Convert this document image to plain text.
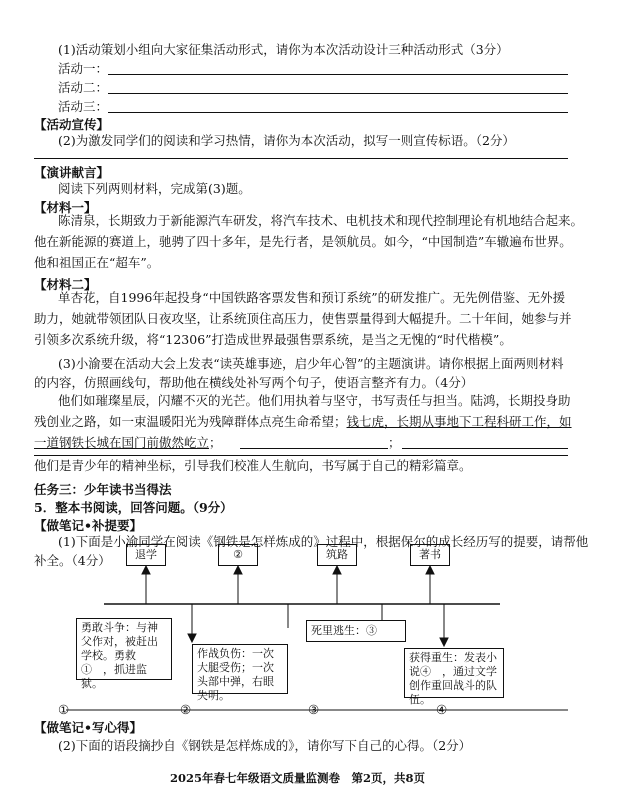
(1)活动策划小组向大家征集活动形式，请你为本次活动设计三种活动形式（3分）
活动一：
活动二：
活动三：
【活动宣传】
(2)为激发同学们的阅读和学习热情，请你为本次活动，拟写一则宣传标语。（2分）
【演讲献言】
阅读下列两则材料，完成第(3)题。
【材料一】
陈清泉，长期致力于新能源汽车研发，将汽车技术、电机技术和现代控制理论有机地结合起来。
他在新能源的赛道上，驰骋了四十多年，是先行者，是领航员。如今，“中国制造”车辙遍布世界。
他和祖国正在“超车”。
【材料二】
单杏花，自1996年起投身“中国铁路客票发售和预订系统”的研发推广。无先例借鉴、无外援
助力，她就带领团队日夜攻坚，让系统顶住高压力，使售票量得到大幅提升。二十年间，她参与并
引领多次系统升级，将“12306”打造成世界最强售票系统，是当之无愧的“时代楷模”。
(3)小渝要在活动大会上发表“读英雄事迹，启少年心智”的主题演讲。请你根据上面两则材料
的内容，仿照画线句，帮助他在横线处补写两个句子，使语言整齐有力。（4分）
他们如璀璨星辰，闪耀不灭的光芒。他们用执着与坚守，书写责任与担当。陆鸿，长期投身助
残创业之路，如一束温暖阳光为残障群体点亮生命希望；钱七虎，长期从事地下工程科研工作，如
一道钢铁长城在国门前傲然屹立；	；
他们是青少年的精神坐标，引导我们校准人生航向，书写属于自己的精彩篇章。
任务三：少年读书当得法
5．整本书阅读，回答问题。（9分）
【做笔记•补提要】
(1)下面是小渝同学在阅读《钢铁是怎样炼成的》过程中，根据保尔的成长经历写的提要，请帮他
补全。（4分）	退学	②	筑路	著书
勇敢斗争：与神父作对，被赶出学校。勇救①　，抓进监狱。
作战负伤：一次大腿受伤；一次头部中弹，右眼失明。
死里逃生：③
获得重生：发表小说④　，通过文学创作重回战斗的队伍。
①	②	③	④
【做笔记•写心得】
(2)下面的语段摘抄自《钢铁是怎样炼成的》，请你写下自己的心得。（2分）
2025年春七年级语文质量监测卷　第2页，共8页
